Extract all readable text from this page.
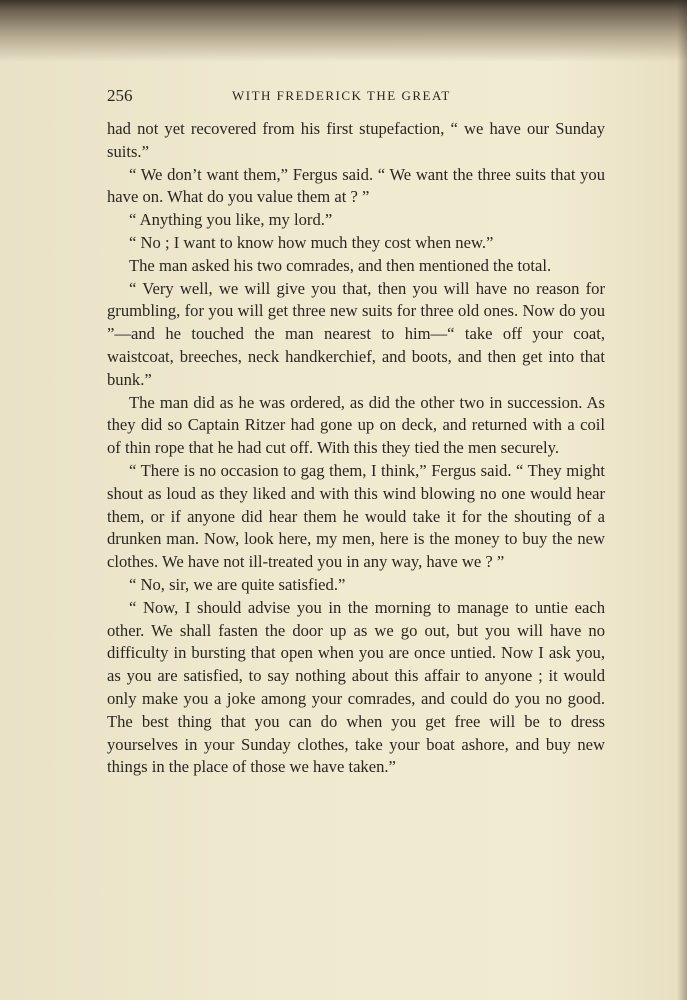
256	WITH FREDERICK THE GREAT

had not yet recovered from his first stupefaction, “ we have our Sunday suits.”

“ We don’t want them,” Fergus said. “ We want the three suits that you have on. What do you value them at ? ”

“ Anything you like, my lord.”

“ No ; I want to know how much they cost when new.”

The man asked his two comrades, and then mentioned the total.

“ Very well, we will give you that, then you will have no reason for grumbling, for you will get three new suits for three old ones. Now do you ”—and he touched the man nearest to him—“ take off your coat, waistcoat, breeches, neck handkerchief, and boots, and then get into that bunk.”

The man did as he was ordered, as did the other two in succession. As they did so Captain Ritzer had gone up on deck, and returned with a coil of thin rope that he had cut off. With this they tied the men securely.

“ There is no occasion to gag them, I think,” Fergus said. “ They might shout as loud as they liked and with this wind blowing no one would hear them, or if anyone did hear them he would take it for the shouting of a drunken man. Now, look here, my men, here is the money to buy the new clothes. We have not ill-treated you in any way, have we ? ”

“ No, sir, we are quite satisfied.”

“ Now, I should advise you in the morning to manage to untie each other. We shall fasten the door up as we go out, but you will have no difficulty in bursting that open when you are once untied. Now I ask you, as you are satisfied, to say nothing about this affair to anyone ; it would only make you a joke among your comrades, and could do you no good. The best thing that you can do when you get free will be to dress yourselves in your Sunday clothes, take your boat ashore, and buy new things in the place of those we have taken.”
